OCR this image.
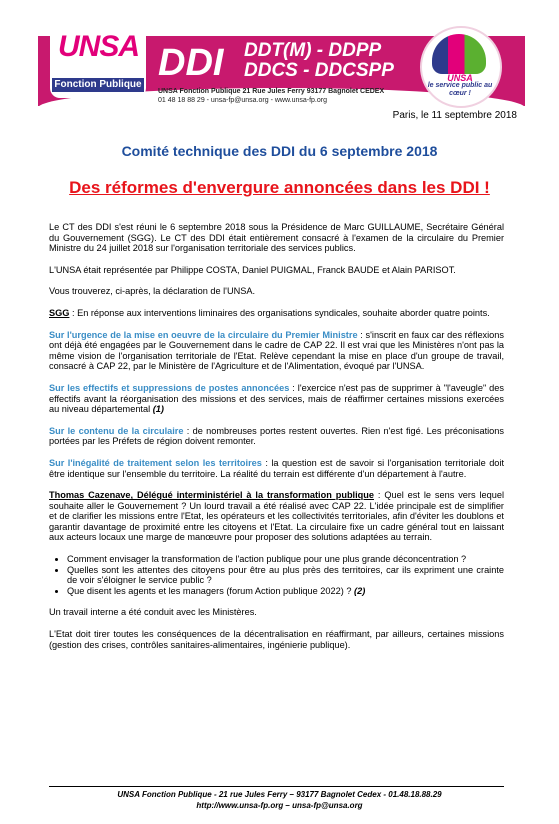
UNSA
Fonction Publique
DDI DDT(M) - DDPP
DDCS - DDCSPP
UNSA Fonction Publique 21 Rue Jules Ferry 93177 Bagnolet CEDEX
01 48 18 88 29 - unsa-fp@unsa.org - www.unsa-fp.org
UNSA
le service public au cœur !
Paris, le 11 septembre 2018
Comité technique des DDI du 6 septembre 2018
Des réformes d'envergure annoncées dans les DDI !

Le CT des DDI s'est réuni le 6 septembre 2018 sous la Présidence de Marc GUILLAUME, Secrétaire Général du Gouvernement (SGG). Le CT des DDI était entièrement consacré à l'examen de la circulaire du Premier Ministre du 24 juillet 2018 sur l'organisation territoriale des services publics.

L'UNSA était représentée par Philippe COSTA, Daniel PUIGMAL, Franck BAUDE et Alain PARISOT.

Vous trouverez, ci-après, la déclaration de l'UNSA.

SGG : En réponse aux interventions liminaires des organisations syndicales, souhaite aborder quatre points.

Sur l'urgence de la mise en oeuvre de la circulaire du Premier Ministre : s'inscrit en faux car des réflexions ont déjà été engagées par le Gouvernement dans le cadre de CAP 22. Il est vrai que les Ministères n'ont pas la même vision de l'organisation territoriale de l'Etat. Relève cependant la mise en place d'un groupe de travail, consacré à CAP 22, par le Ministère de l'Agriculture et de l'Alimentation, évoqué par l'UNSA.

Sur les effectifs et suppressions de postes annoncées : l'exercice n'est pas de supprimer à "l'aveugle" des effectifs avant la réorganisation des missions et des services, mais de réaffirmer certaines missions exercées au niveau départemental (1)

Sur le contenu de la circulaire : de nombreuses portes restent ouvertes. Rien n'est figé. Les préconisations portées par les Préfets de région doivent remonter.

Sur l'inégalité de traitement selon les territoires : la question est de savoir si l'organisation territoriale doit être identique sur l'ensemble du territoire. La réalité du terrain est différente d'un département à l'autre.

Thomas Cazenave, Délégué interministériel à la transformation publique : Quel est le sens vers lequel souhaite aller le Gouvernement ? Un lourd travail a été réalisé avec CAP 22. L'idée principale est de simplifier et de clarifier les missions entre l'Etat, les opérateurs et les collectivités territoriales, afin d'éviter les doublons et garantir davantage de proximité entre les citoyens et l'Etat. La circulaire fixe un cadre général tout en laissant aux acteurs locaux une marge de manœuvre pour proposer des solutions adaptées au terrain.

• Comment envisager la transformation de l'action publique pour une plus grande déconcentration ?
• Quelles sont les attentes des citoyens pour être au plus près des territoires, car ils expriment une crainte de voir s'éloigner le service public ?
• Que disent les agents et les managers (forum Action publique 2022) ? (2)

Un travail interne a été conduit avec les Ministères.

L'Etat doit tirer toutes les conséquences de la décentralisation en réaffirmant, par ailleurs, certaines missions (gestion des crises, contrôles sanitaires-alimentaires, ingénierie publique).

UNSA Fonction Publique - 21 rue Jules Ferry – 93177 Bagnolet Cedex - 01.48.18.88.29
http://www.unsa-fp.org – unsa-fp@unsa.org
